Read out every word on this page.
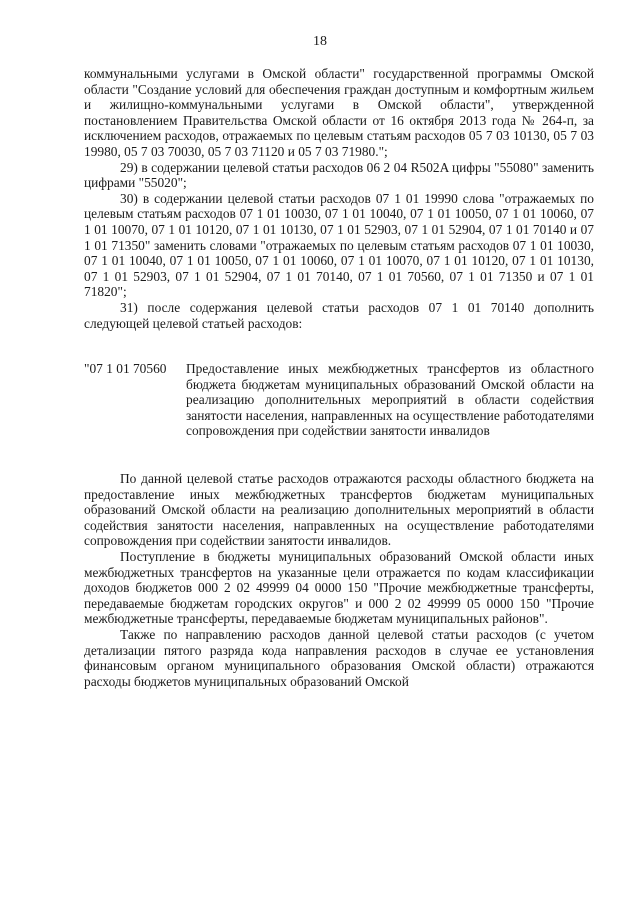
18

коммунальными услугами в Омской области" государственной программы Омской области "Создание условий для обеспечения граждан доступным и комфортным жильем и жилищно-коммунальными услугами в Омской области", утвержденной постановлением Правительства Омской области от 16 октября 2013 года № 264-п, за исключением расходов, отражаемых по целевым статьям расходов 05 7 03 10130, 05 7 03 19980, 05 7 03 70030, 05 7 03 71120 и 05 7 03 71980.";

29) в содержании целевой статьи расходов 06 2 04 R502A цифры "55080" заменить цифрами "55020";

30) в содержании целевой статьи расходов 07 1 01 19990 слова "отражаемых по целевым статьям расходов 07 1 01 10030, 07 1 01 10040, 07 1 01 10050, 07 1 01 10060, 07 1 01 10070, 07 1 01 10120, 07 1 01 10130, 07 1 01 52903, 07 1 01 52904, 07 1 01 70140 и 07 1 01 71350" заменить словами "отражаемых по целевым статьям расходов 07 1 01 10030, 07 1 01 10040, 07 1 01 10050, 07 1 01 10060, 07 1 01 10070, 07 1 01 10120, 07 1 01 10130, 07 1 01 52903, 07 1 01 52904, 07 1 01 70140, 07 1 01 70560, 07 1 01 71350 и 07 1 01 71820";

31) после содержания целевой статьи расходов 07 1 01 70140 дополнить следующей целевой статьей расходов:

"07 1 01 70560	Предоставление иных межбюджетных трансфертов из областного бюджета бюджетам муниципальных образований Омской области на реализацию дополнительных мероприятий в области содействия занятости населения, направленных на осуществление работодателями сопровождения при содействии занятости инвалидов

По данной целевой статье расходов отражаются расходы областного бюджета на предоставление иных межбюджетных трансфертов бюджетам муниципальных образований Омской области на реализацию дополнительных мероприятий в области содействия занятости населения, направленных на осуществление работодателями сопровождения при содействии занятости инвалидов.

Поступление в бюджеты муниципальных образований Омской области иных межбюджетных трансфертов на указанные цели отражается по кодам классификации доходов бюджетов 000 2 02 49999 04 0000 150 "Прочие межбюджетные трансферты, передаваемые бюджетам городских округов" и 000 2 02 49999 05 0000 150 "Прочие межбюджетные трансферты, передаваемые бюджетам муниципальных районов".

Также по направлению расходов данной целевой статьи расходов (с учетом детализации пятого разряда кода направления расходов в случае ее установления финансовым органом муниципального образования Омской области) отражаются расходы бюджетов муниципальных образований Омской
